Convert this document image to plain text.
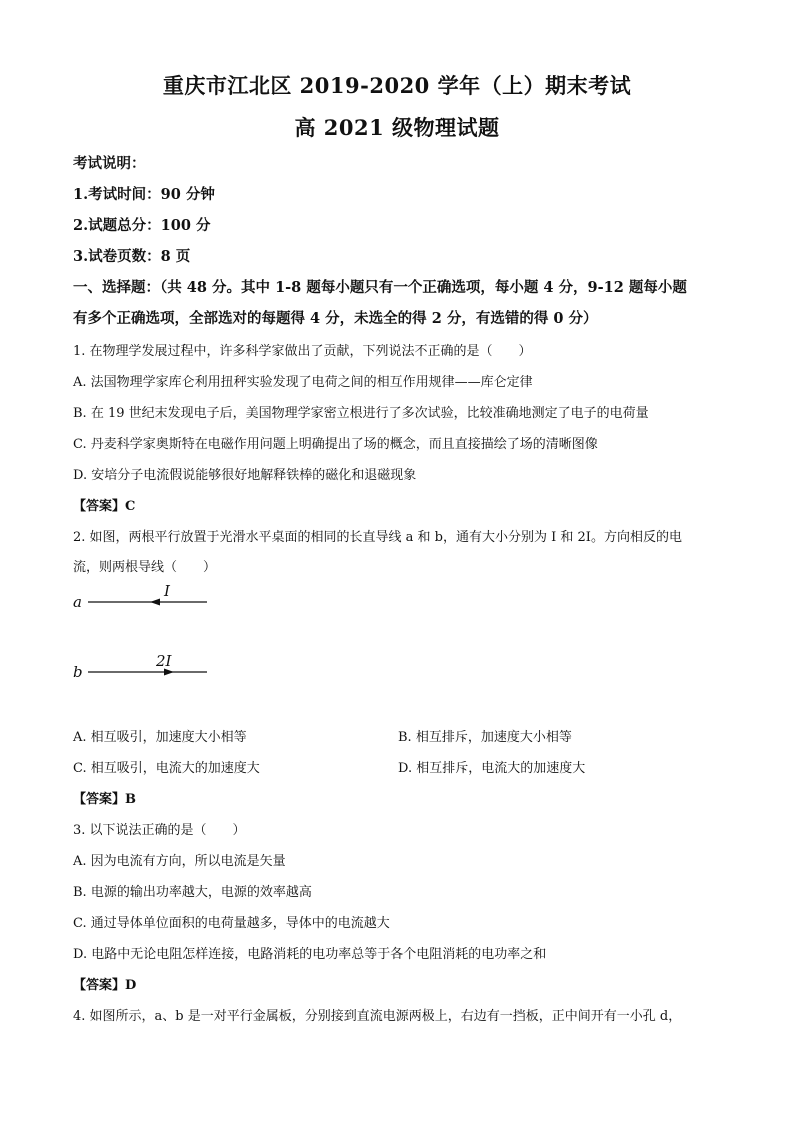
重庆市江北区 2019-2020 学年（上）期末考试
高 2021 级物理试题
考试说明：
1.考试时间：90 分钟
2.试题总分：100 分
3.试卷页数：8 页
一、选择题：（共 48 分。其中 1-8 题每小题只有一个正确选项，每小题 4 分，9-12 题每小题
有多个正确选项，全部选对的每题得 4 分，未选全的得 2 分，有选错的得 0 分）
1. 在物理学发展过程中，许多科学家做出了贡献，下列说法不正确的是（　　）
A. 法国物理学家库仑利用扭秤实验发现了电荷之间的相互作用规律——库仑定律
B. 在 19 世纪末发现电子后，美国物理学家密立根进行了多次试验，比较准确地测定了电子的电荷量
C. 丹麦科学家奥斯特在电磁作用问题上明确提出了场的概念，而且直接描绘了场的清晰图像
D. 安培分子电流假说能够很好地解释铁棒的磁化和退磁现象
【答案】C
2. 如图，两根平行放置于光滑水平桌面的相同的长直导线 a 和 b，通有大小分别为 I 和 2I。方向相反的电
流，则两根导线（　　）
a
I
b
2I
A. 相互吸引，加速度大小相等	B. 相互排斥，加速度大小相等
C. 相互吸引，电流大的加速度大	D. 相互排斥，电流大的加速度大
【答案】B
3. 以下说法正确的是（　　）
A. 因为电流有方向，所以电流是矢量
B. 电源的输出功率越大，电源的效率越高
C. 通过导体单位面积的电荷量越多，导体中的电流越大
D. 电路中无论电阻怎样连接，电路消耗的电功率总等于各个电阻消耗的电功率之和
【答案】D
4. 如图所示，a、b 是一对平行金属板，分别接到直流电源两极上，右边有一挡板，正中间开有一小孔 d，
